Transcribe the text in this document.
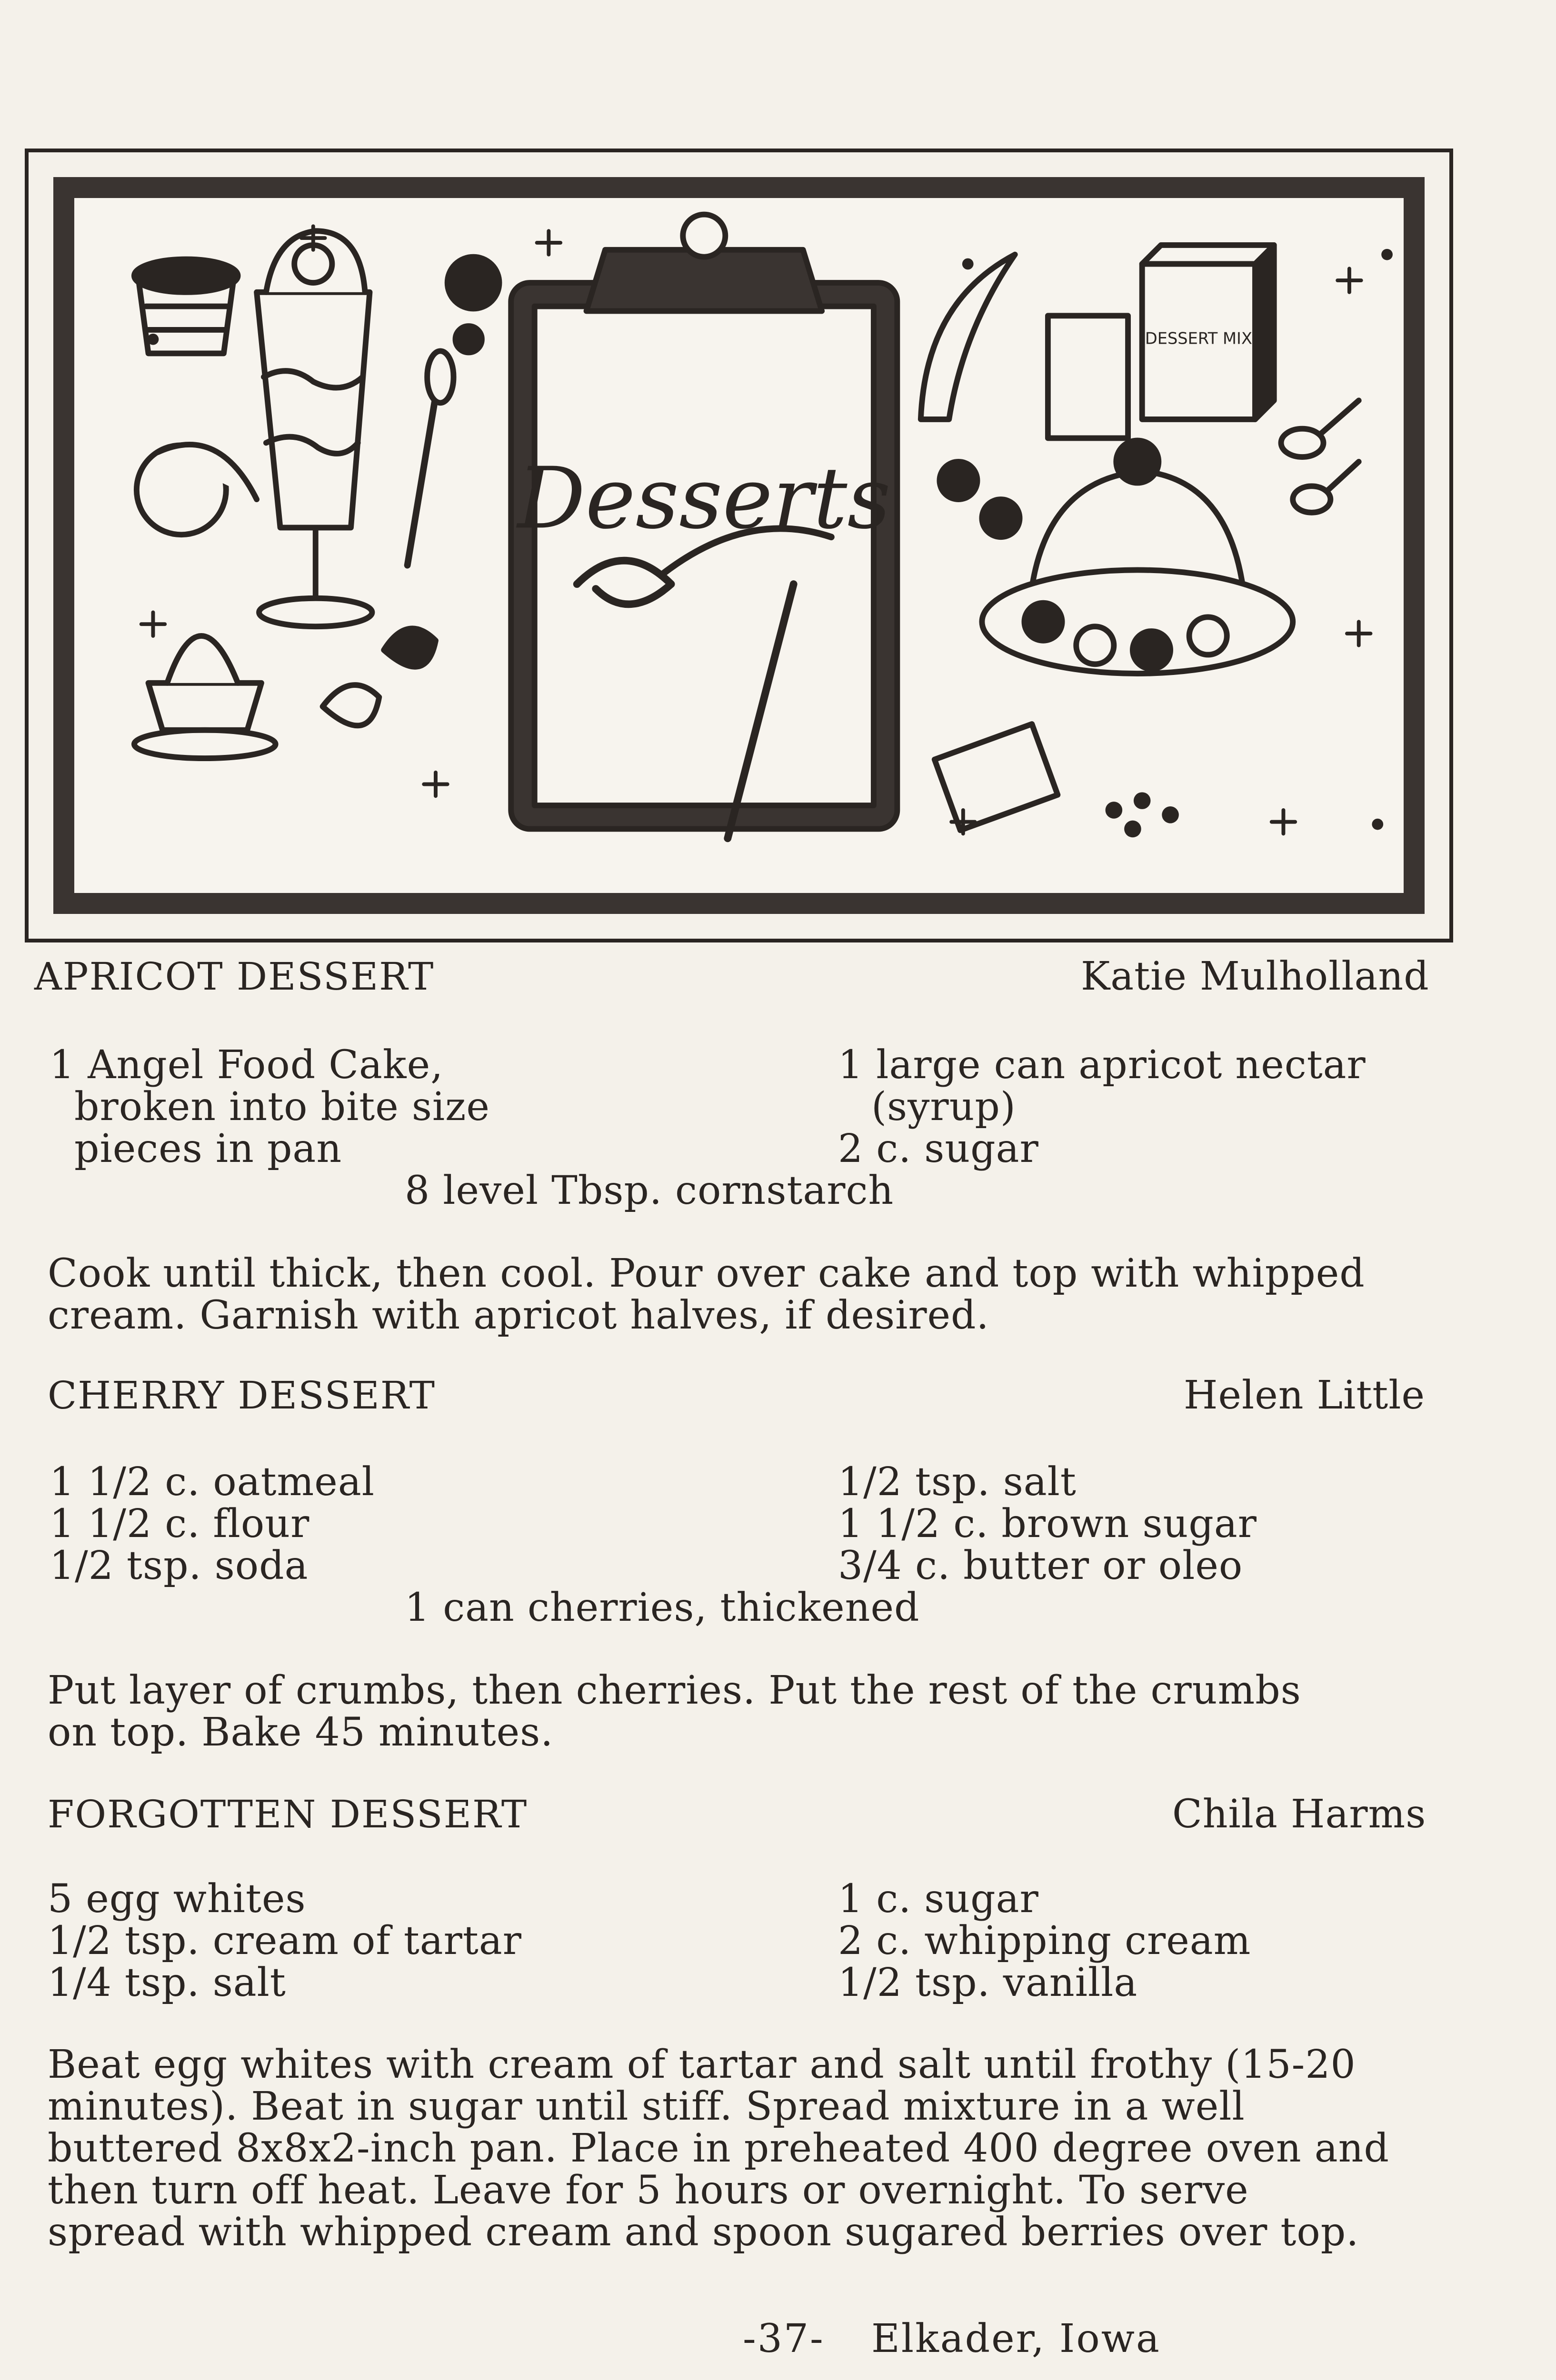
Desserts
DESSERT MIX
APRICOT DESSERT	Katie Mulholland
1 Angel Food Cake,
broken into bite size
pieces in pan
1 large can apricot nectar
(syrup)
2 c. sugar
8 level Tbsp. cornstarch
Cook until thick, then cool. Pour over cake and top with whipped
cream. Garnish with apricot halves, if desired.
CHERRY DESSERT	Helen Little
1 1/2 c. oatmeal
1 1/2 c. flour
1/2 tsp. soda
1/2 tsp. salt
1 1/2 c. brown sugar
3/4 c. butter or oleo
1 can cherries, thickened
Put layer of crumbs, then cherries. Put the rest of the crumbs
on top. Bake 45 minutes.
FORGOTTEN DESSERT	Chila Harms
5 egg whites
1/2 tsp. cream of tartar
1/4 tsp. salt
1 c. sugar
2 c. whipping cream
1/2 tsp. vanilla
Beat egg whites with cream of tartar and salt until frothy (15-20
minutes). Beat in sugar until stiff. Spread mixture in a well
buttered 8x8x2-inch pan. Place in preheated 400 degree oven and
then turn off heat. Leave for 5 hours or overnight. To serve
spread with whipped cream and spoon sugared berries over top.
-37- Elkader, Iowa
